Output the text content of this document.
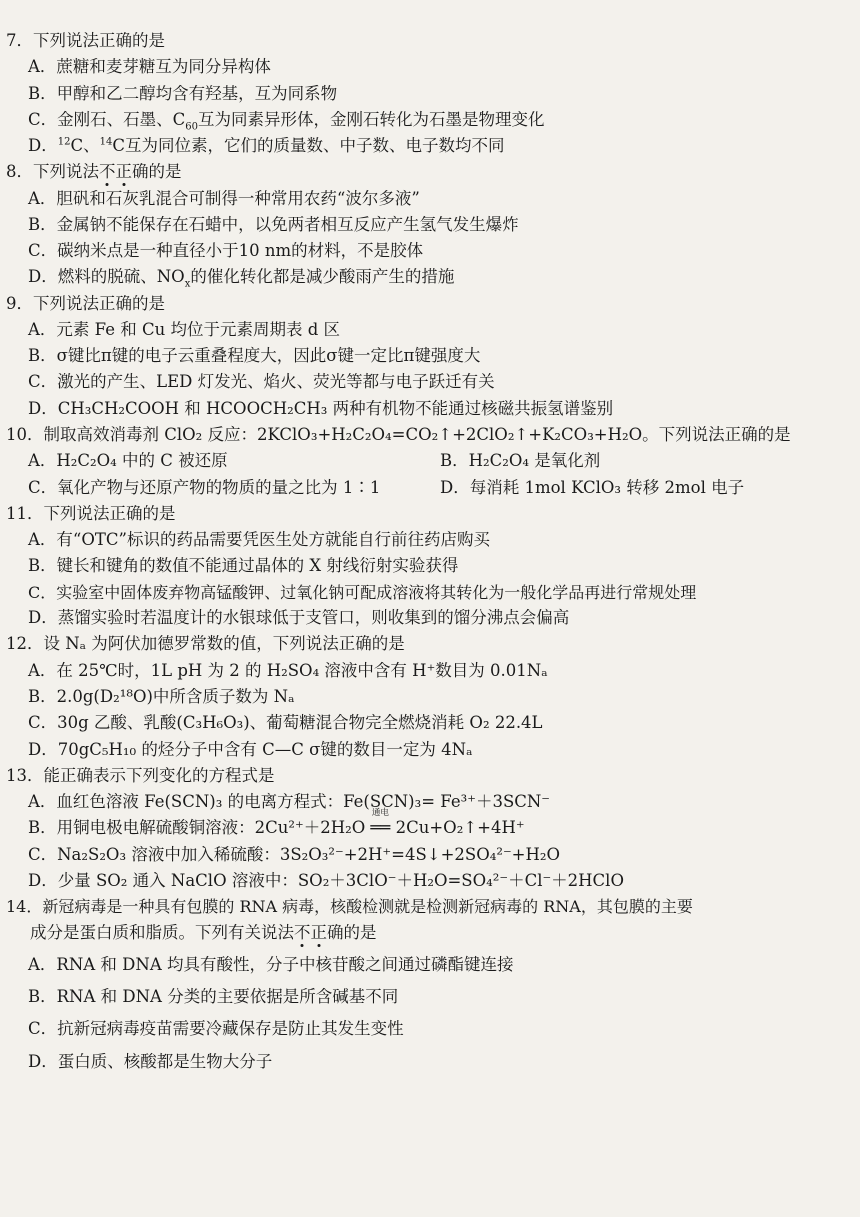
7．下列说法正确的是

A．蔗糖和麦芽糖互为同分异构体

B．甲醇和乙二醇均含有羟基，互为同系物

C．金刚石、石墨、$C_{60}$互为同素异形体，金刚石转化为石墨是物理变化

D．$^{12}$C、$^{14}$C互为同位素，它们的质量数、中子数、电子数均不同

8．下列说法不正确的是

A．胆矾和石灰乳混合可制得一种常用农药“波尔多液”

B．金属钠不能保存在石蜡中，以免两者相互反应产生氢气发生爆炸

C．碳纳米点是一种直径小于10 nm的材料，不是胶体

D．燃料的脱硫、$NO_x$的催化转化都是减少酸雨产生的措施

9．下列说法正确的是

A．元素 Fe 和 Cu 均位于元素周期表 d 区

B．σ键比π键的电子云重叠程度大，因此σ键一定比π键强度大

C．激光的产生、LED 灯发光、焰火、荧光等都与电子跃迁有关

D．CH₃CH₂COOH 和 HCOOCH₂CH₃ 两种有机物不能通过核磁共振氢谱鉴别

10．制取高效消毒剂 ClO₂ 反应：2KClO₃+H₂C₂O₄=CO₂↑+2ClO₂↑+K₂CO₃+H₂O。下列说法正确的是

A．H₂C₂O₄ 中的 C 被还原	B．H₂C₂O₄ 是氧化剂

C．氧化产物与还原产物的物质的量之比为 1∶1	D．每消耗 1mol KClO₃ 转移 2mol 电子

11．下列说法正确的是

A．有“OTC”标识的药品需要凭医生处方就能自行前往药店购买

B．键长和键角的数值不能通过晶体的 X 射线衍射实验获得

C．实验室中固体废弃物高锰酸钾、过氧化钠可配成溶液将其转化为一般化学品再进行常规处理

D．蒸馏实验时若温度计的水银球低于支管口，则收集到的馏分沸点会偏高

12．设 Nₐ 为阿伏加德罗常数的值，下列说法正确的是

A．在 25℃时，1L pH 为 2 的 H₂SO₄ 溶液中含有 H⁺数目为 0.01Nₐ

B．2.0g(D₂¹⁸O)中所含质子数为 Nₐ

C．30g 乙酸、乳酸(C₃H₆O₃)、葡萄糖混合物完全燃烧消耗 O₂ 22.4L

D．70gC₅H₁₀ 的烃分子中含有 C—C σ键的数目一定为 4Nₐ

13．能正确表示下列变化的方程式是

A．血红色溶液 Fe(SCN)₃ 的电离方程式：Fe(SCN)₃= Fe³⁺＋3SCN⁻

B．用铜电极电解硫酸铜溶液：2Cu²⁺＋2H₂O
通电
══ 2Cu+O₂↑+4H⁺

C．Na₂S₂O₃ 溶液中加入稀硫酸：3S₂O₃²⁻+2H⁺=4S↓+2SO₄²⁻+H₂O

D．少量 SO₂ 通入 NaClO 溶液中：SO₂＋3ClO⁻＋H₂O=SO₄²⁻＋Cl⁻＋2HClO

14．新冠病毒是一种具有包膜的 RNA 病毒，核酸检测就是检测新冠病毒的 RNA，其包膜的主要

成分是蛋白质和脂质。下列有关说法不正确的是

A．RNA 和 DNA 均具有酸性，分子中核苷酸之间通过磷酯键连接

B．RNA 和 DNA 分类的主要依据是所含碱基不同

C．抗新冠病毒疫苗需要冷藏保存是防止其发生变性

D．蛋白质、核酸都是生物大分子
